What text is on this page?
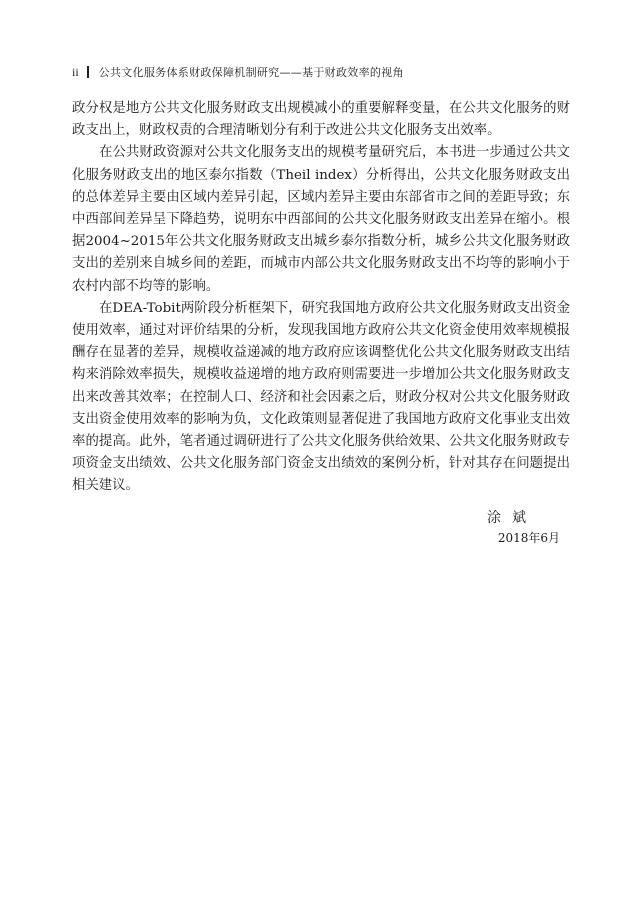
ii 公共文化服务体系财政保障机制研究——基于财政效率的视角

政分权是地方公共文化服务财政支出规模减小的重要解释变量，在公共文化服务的财政支出上，财政权责的合理清晰划分有利于改进公共文化服务支出效率。

在公共财政资源对公共文化服务支出的规模考量研究后，本书进一步通过公共文化服务财政支出的地区泰尔指数（Theil index）分析得出，公共文化服务财政支出的总体差异主要由区域内差异引起，区域内差异主要由东部省市之间的差距导致；东中西部间差异呈下降趋势，说明东中西部间的公共文化服务财政支出差异在缩小。根据2004~2015年公共文化服务财政支出城乡泰尔指数分析，城乡公共文化服务财政支出的差别来自城乡间的差距，而城市内部公共文化服务财政支出不均等的影响小于农村内部不均等的影响。

在DEA-Tobit两阶段分析框架下，研究我国地方政府公共文化服务财政支出资金使用效率，通过对评价结果的分析，发现我国地方政府公共文化资金使用效率规模报酬存在显著的差异，规模收益递减的地方政府应该调整优化公共文化服务财政支出结构来消除效率损失，规模收益递增的地方政府则需要进一步增加公共文化服务财政支出来改善其效率；在控制人口、经济和社会因素之后，财政分权对公共文化服务财政支出资金使用效率的影响为负，文化政策则显著促进了我国地方政府文化事业支出效率的提高。此外，笔者通过调研进行了公共文化服务供给效果、公共文化服务财政专项资金支出绩效、公共文化服务部门资金支出绩效的案例分析，针对其存在问题提出相关建议。

涂斌
2018年6月
